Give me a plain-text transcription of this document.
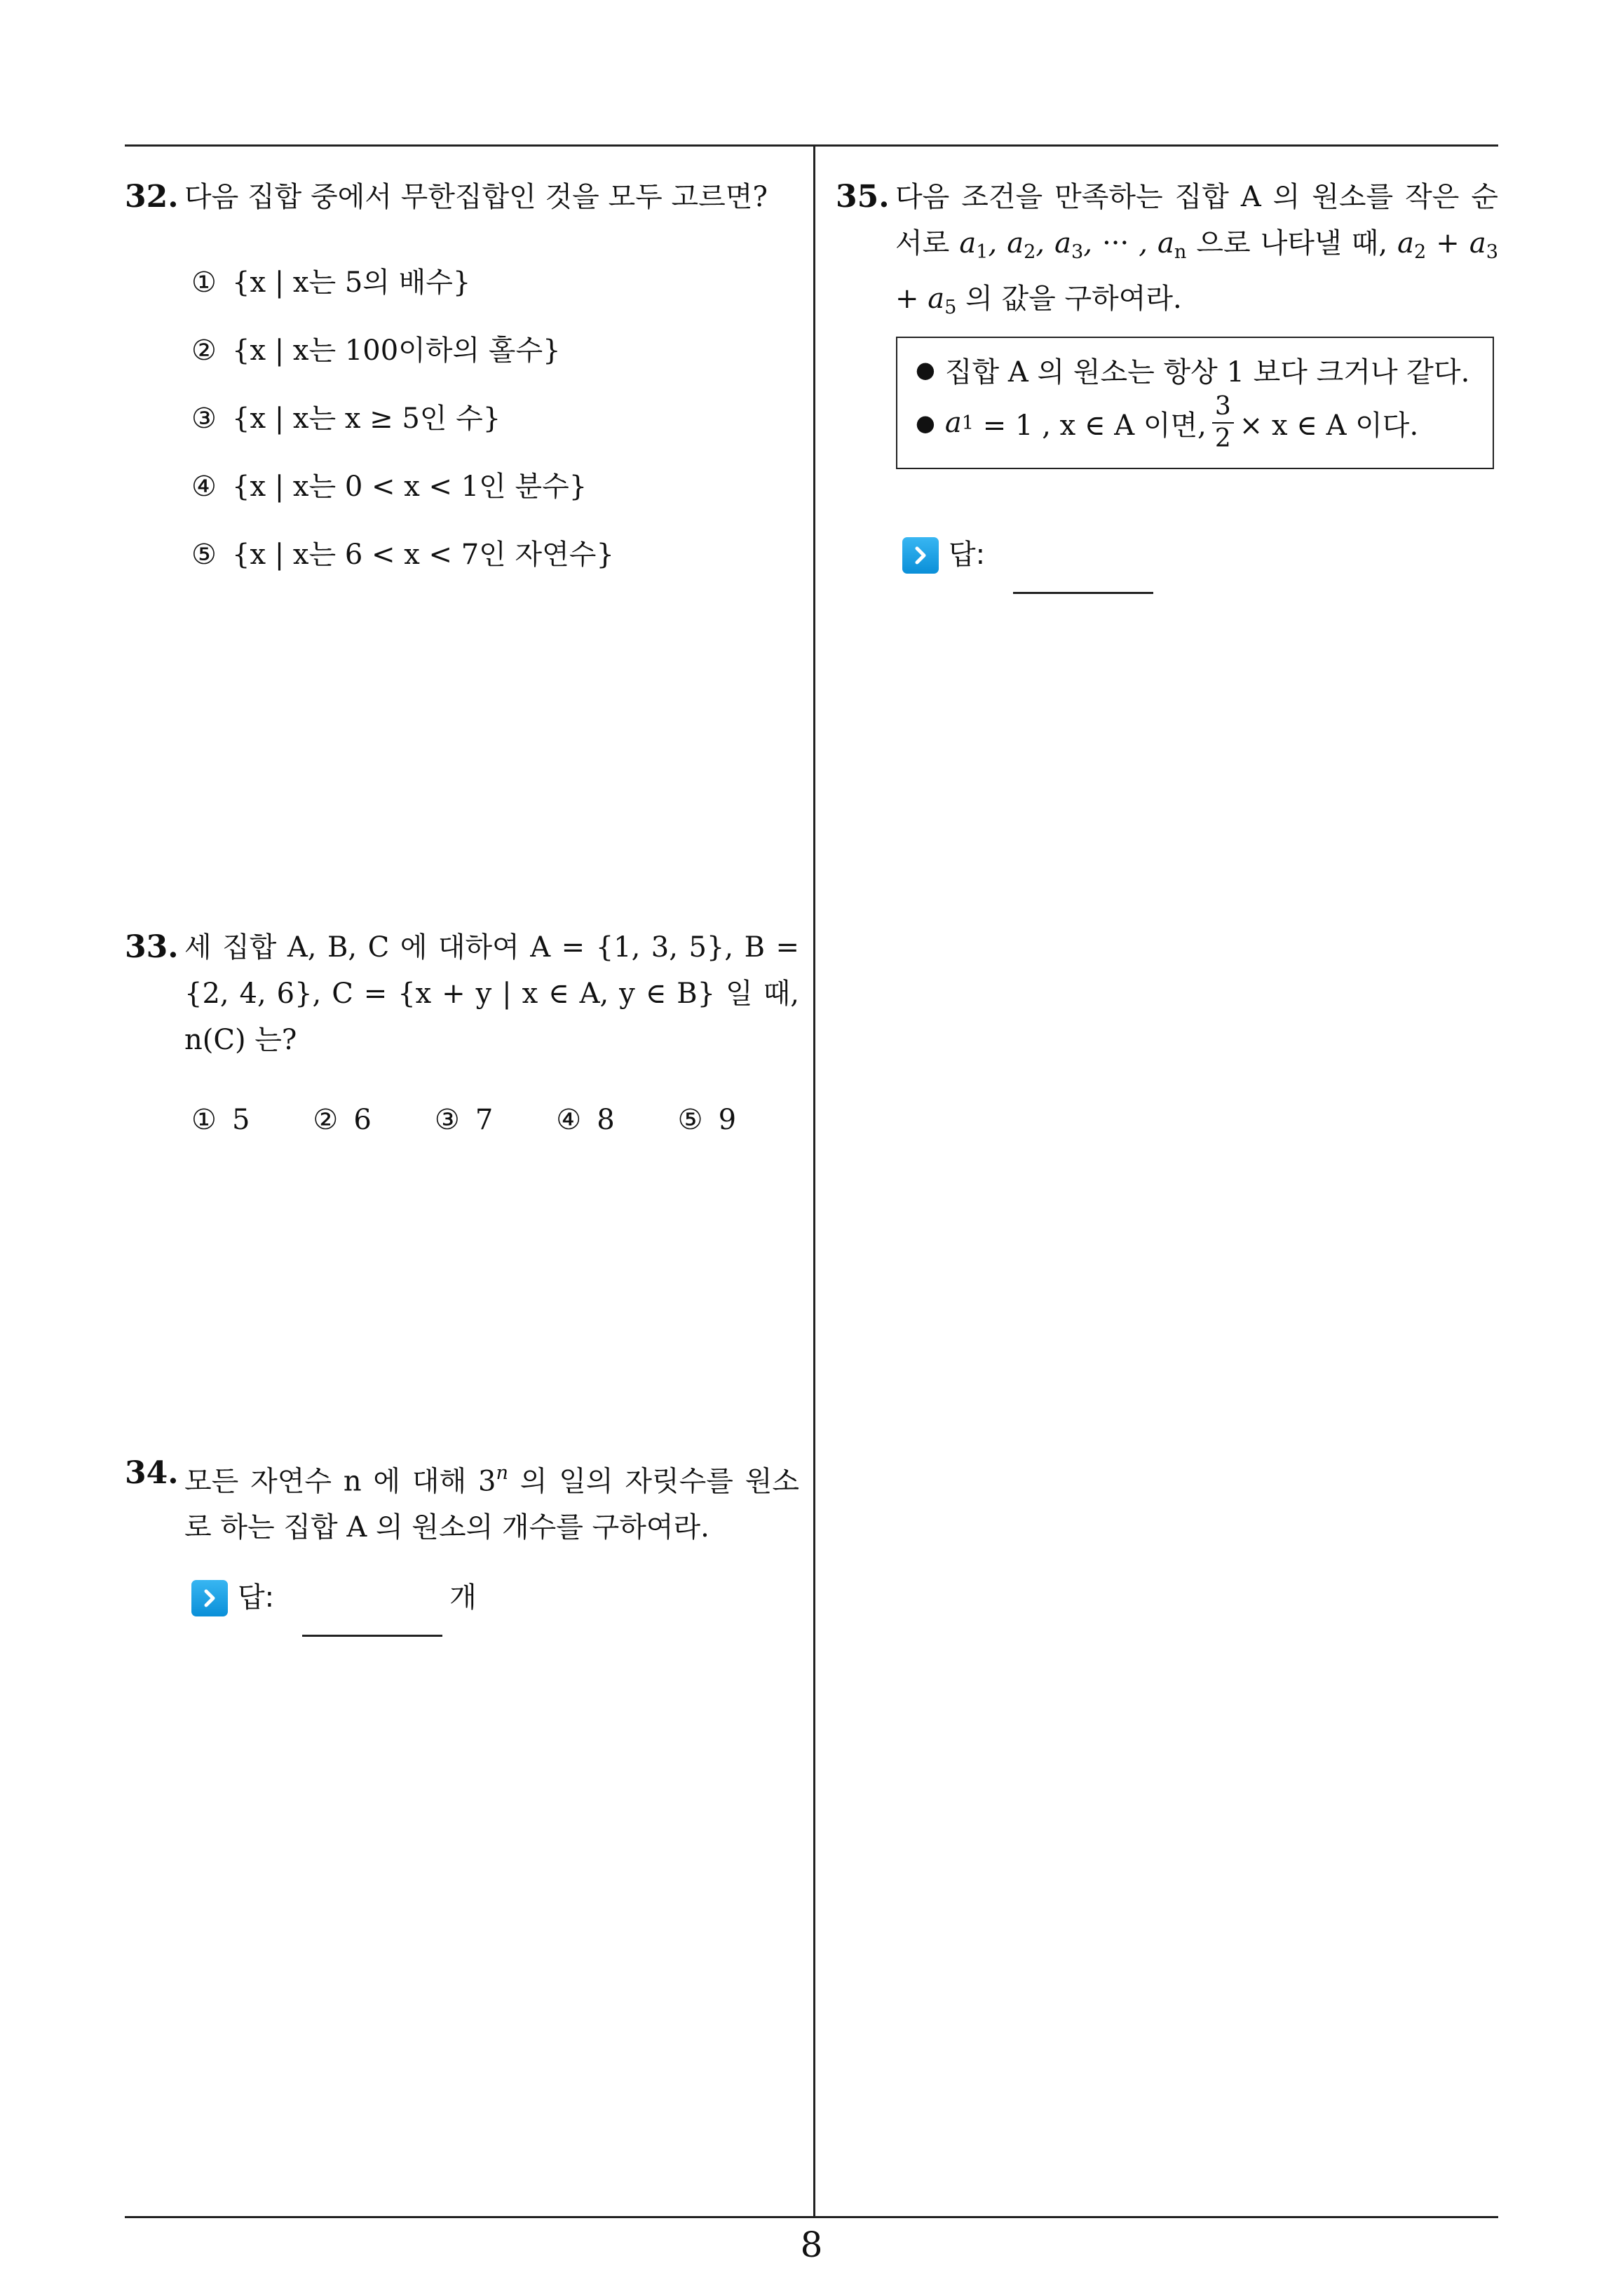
32. 다음 집합 중에서 무한집합인 것을 모두 고르면?
① {x | x는 5의 배수}
② {x | x는 100이하의 홀수}
③ {x | x는 x ≥ 5인 수}
④ {x | x는 0 < x < 1인 분수}
⑤ {x | x는 6 < x < 7인 자연수}
33. 세 집합 A, B, C 에 대하여 A = {1, 3, 5}, B = {2, 4, 6}, C = {x + y | x ∈ A, y ∈ B} 일 때, n(C) 는?
① 5 ② 6 ③ 7 ④ 8 ⑤ 9
34. 모든 자연수 n 에 대해 3$^n$ 의 일의 자릿수를 원소로 하는 집합 A 의 원소의 개수를 구하여라.
답:	개
35. 다음 조건을 만족하는 집합 A 의 원소를 작은 순서로 $a_1$, $a_2$, $a_3$, ··· , $a_n$ 으로 나타낼 때, $a_2 + a_3 + a_5$ 의 값을 구하여라.
● 집합 A 의 원소는 항상 1 보다 크거나 같다.
● a 1 = 1 , x ∈ A 이면, $\frac{3}{2} \times x$ ∈ A 이다.
답:
8
